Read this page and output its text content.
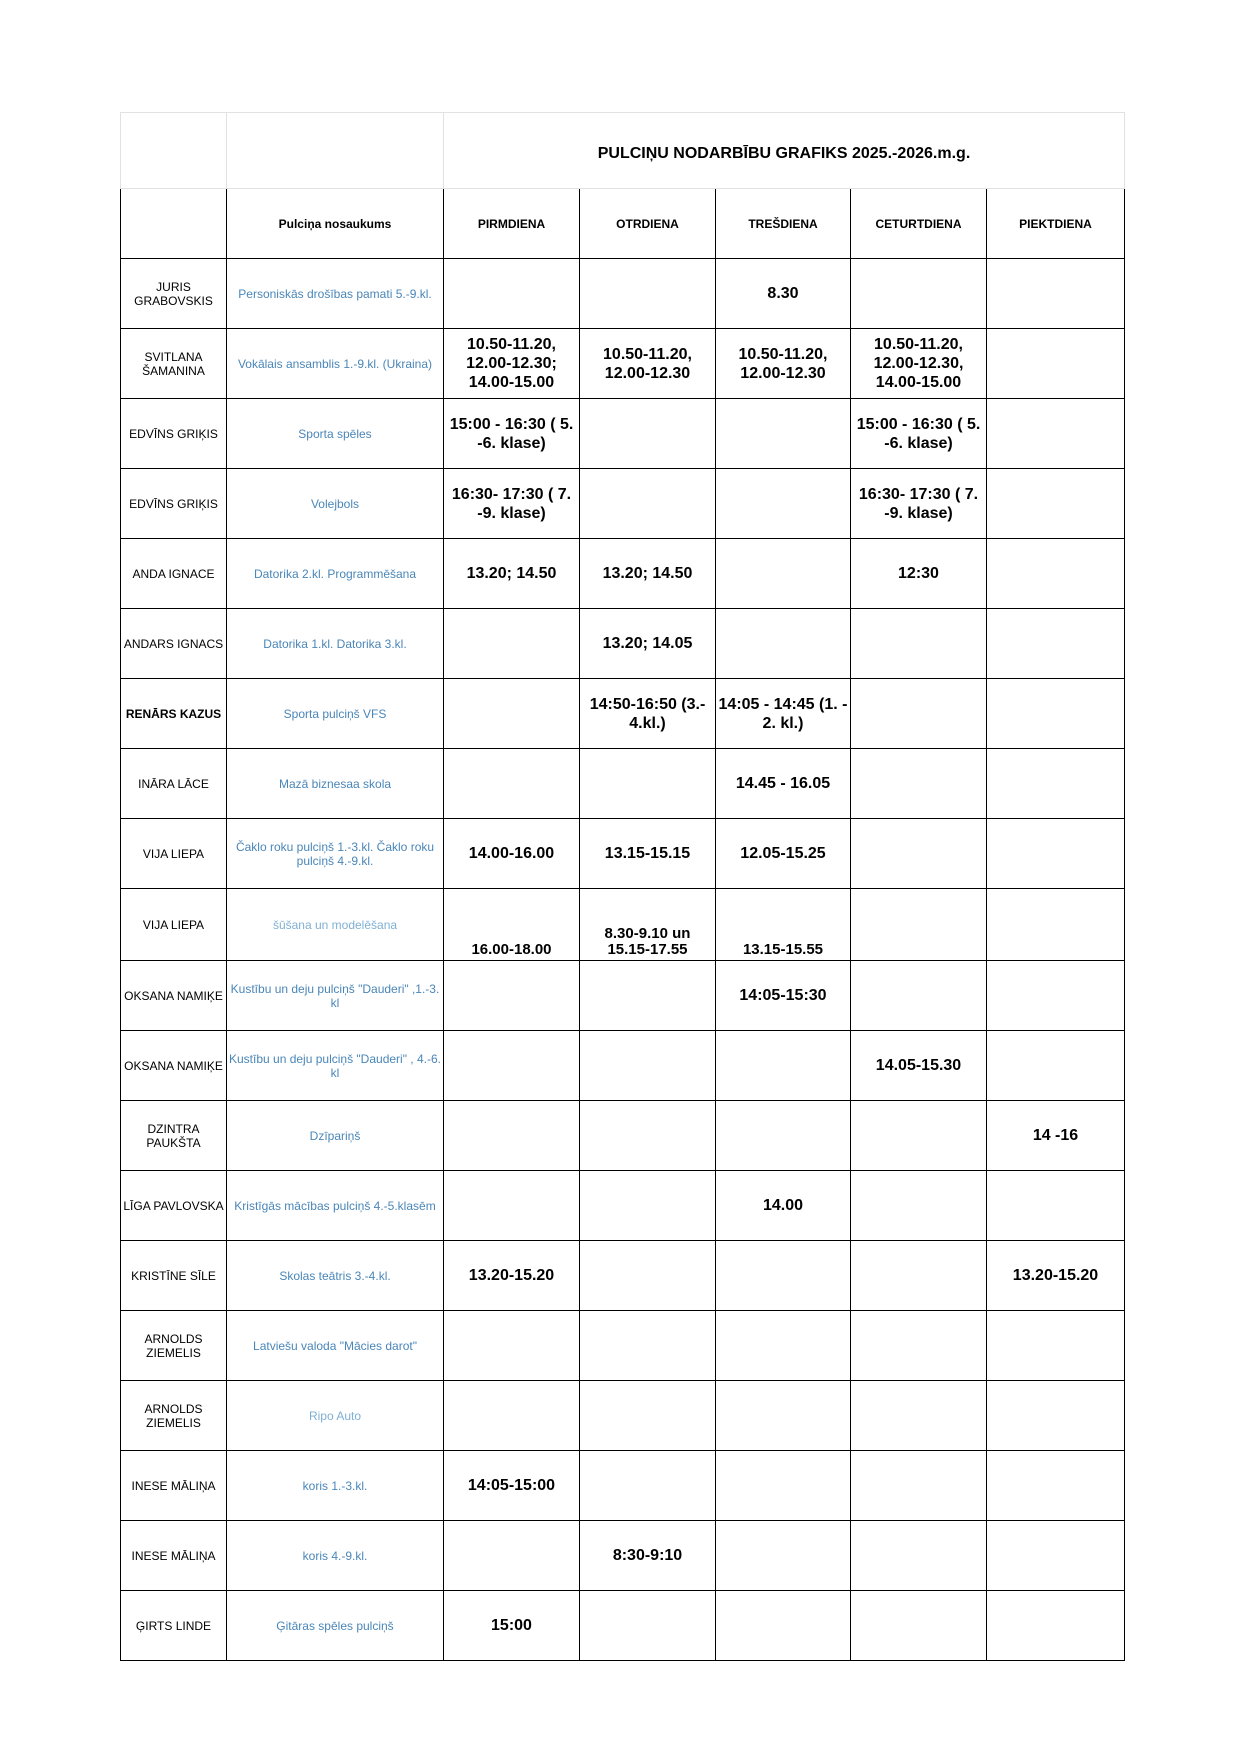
		PULCIŅU NODARBĪBU GRAFIKS 2025.-2026.m.g.				
	Pulciņa nosaukums	PIRMDIENA	OTRDIENA	TREŠDIENA	CETURTDIENA	PIEKTDIENA
JURIS GRABOVSKIS	Personiskās drošības pamati 5.-9.kl.			8.30		
SVITLANA ŠAMANINA	Vokālais ansamblis 1.-9.kl. (Ukraina)	10.50-11.20, 12.00-12.30; 14.00-15.00	10.50-11.20, 12.00-12.30	10.50-11.20, 12.00-12.30	10.50-11.20, 12.00-12.30, 14.00-15.00	
EDVĪNS GRIĶIS	Sporta spēles	15:00 - 16:30 ( 5. -6. klase)			15:00 - 16:30 ( 5. -6. klase)	
EDVĪNS GRIĶIS	Volejbols	16:30- 17:30 ( 7. -9. klase)			16:30- 17:30 ( 7. -9. klase)	
ANDA IGNACE	Datorika 2.kl. Programmēšana	13.20; 14.50	13.20; 14.50		12:30	
ANDARS IGNACS	Datorika 1.kl. Datorika 3.kl.		13.20; 14.05			
RENĀRS KAZUS	Sporta pulciņš VFS		14:50-16:50 (3.- 4.kl.)	14:05 - 14:45 (1. - 2. kl.)		
INĀRA LĀCE	Mazā biznesaa skola			14.45 - 16.05		
VIJA LIEPA	Čaklo roku pulciņš 1.-3.kl. Čaklo roku pulciņš 4.-9.kl.	14.00-16.00	13.15-15.15	12.05-15.25		
VIJA LIEPA	šūšana un modelēšana	16.00-18.00	8.30-9.10 un 15.15-17.55	13.15-15.55		
OKSANA NAMIĶE	Kustību un deju pulciņš "Dauderi" ,1.-3. kl			14:05-15:30		
OKSANA NAMIĶE	Kustību un deju pulciņš "Dauderi" , 4.-6. kl				14.05-15.30	
DZINTRA PAUKŠTA	Dzīpariņš					14 -16
LĪGA PAVLOVSKA	Kristīgās mācības pulciņš 4.-5.klasēm			14.00		
KRISTĪNE SĪLE	Skolas teātris 3.-4.kl.	13.20-15.20				13.20-15.20
ARNOLDS ZIEMELIS	Latviešu valoda "Mācies darot"					
ARNOLDS ZIEMELIS	Ripo Auto					
INESE MĀLIŅA	koris 1.-3.kl.	14:05-15:00				
INESE MĀLIŅA	koris 4.-9.kl.		8:30-9:10			
ĢIRTS LINDE	Ģitāras spēles pulciņš	15:00				
